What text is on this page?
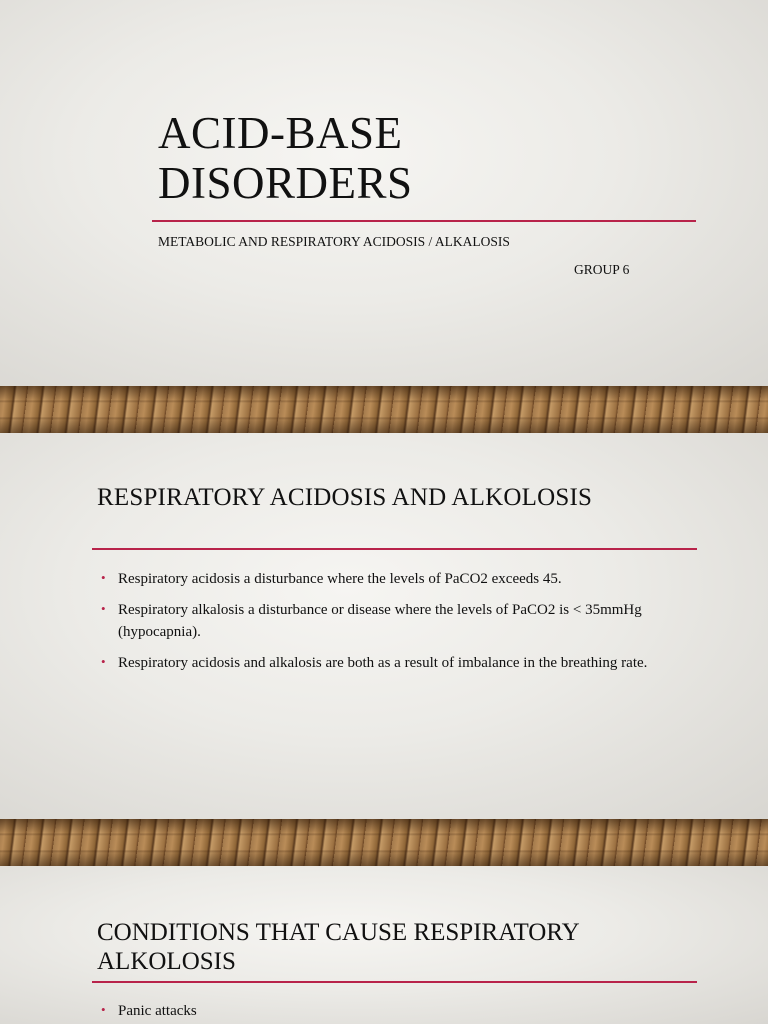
ACID-BASE
DISORDERS

METABOLIC AND RESPIRATORY ACIDOSIS / ALKALOSIS

GROUP 6

RESPIRATORY ACIDOSIS AND ALKOLOSIS
• Respiratory acidosis a disturbance where the levels of PaCO2 exceeds 45.
• Respiratory alkalosis a disturbance or disease where the levels of PaCO2 is < 35mmHg (hypocapnia).
• Respiratory acidosis and alkalosis are both as a result of imbalance in the breathing rate.
CONDITIONS THAT CAUSE RESPIRATORY ALKOLOSIS
• Panic attacks
